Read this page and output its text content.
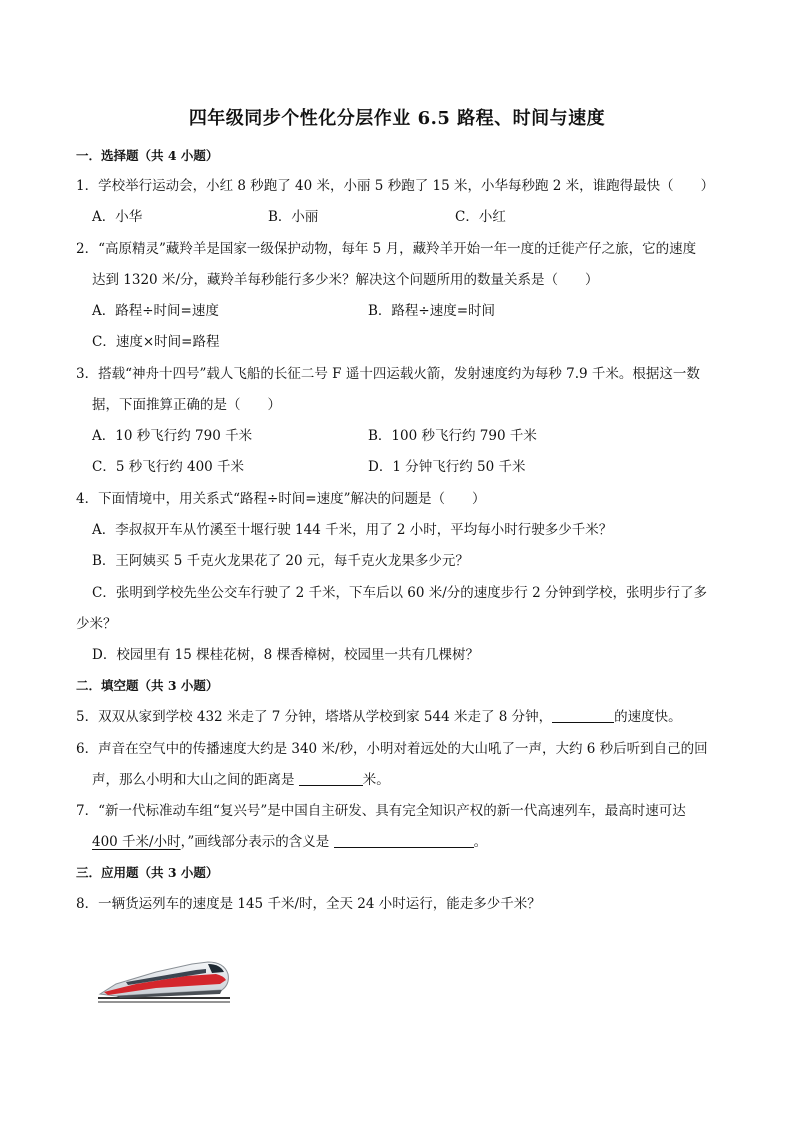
四年级同步个性化分层作业 6.5 路程、时间与速度
一．选择题（共 4 小题）
1．学校举行运动会，小红 8 秒跑了 40 米，小丽 5 秒跑了 15 米，小华每秒跑 2 米，谁跑得最快（　　）
A．小华	B．小丽	C．小红
2．“高原精灵”藏羚羊是国家一级保护动物，每年 5 月，藏羚羊开始一年一度的迁徙产仔之旅，它的速度
达到 1320 米/分，藏羚羊每秒能行多少米？解决这个问题所用的数量关系是（　　）
A．路程÷时间=速度	B．路程÷速度=时间
C．速度×时间=路程
3．搭载“神舟十四号”载人飞船的长征二号 F 遥十四运载火箭，发射速度约为每秒 7.9 千米。根据这一数
据，下面推算正确的是（　　）
A．10 秒飞行约 790 千米	B．100 秒飞行约 790 千米
C．5 秒飞行约 400 千米	D．1 分钟飞行约 50 千米
4．下面情境中，用关系式“路程÷时间=速度”解决的问题是（　　）
A．李叔叔开车从竹溪至十堰行驶 144 千米，用了 2 小时，平均每小时行驶多少千米？
B．王阿姨买 5 千克火龙果花了 20 元，每千克火龙果多少元？
C．张明到学校先坐公交车行驶了 2 千米，下车后以 60 米/分的速度步行 2 分钟到学校，张明步行了多
少米？
D．校园里有 15 棵桂花树，8 棵香樟树，校园里一共有几棵树？
二．填空题（共 3 小题）
5．双双从家到学校 432 米走了 7 分钟，塔塔从学校到家 544 米走了 8 分钟，	的速度快。
6．声音在空气中的传播速度大约是 340 米/秒，小明对着远处的大山吼了一声，大约 6 秒后听到自己的回
声，那么小明和大山之间的距离是	米。
7．“新一代标准动车组“复兴号”是中国自主研发、具有完全知识产权的新一代高速列车，最高时速可达
400 千米/小时，”画线部分表示的含义是	。
三．应用题（共 3 小题）
8．一辆货运列车的速度是 145 千米/时，全天 24 小时运行，能走多少千米？
